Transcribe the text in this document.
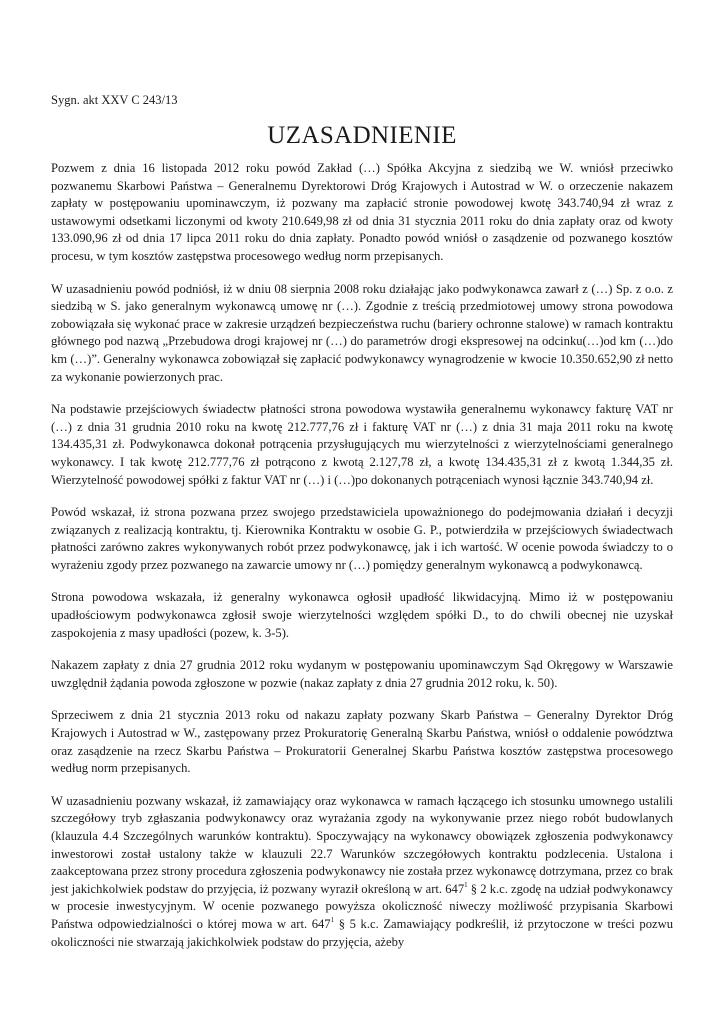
Sygn. akt XXV C 243/13

UZASADNIENIE

Pozwem z dnia 16 listopada 2012 roku powód Zakład (…) Spółka Akcyjna z siedzibą we W. wniósł przeciwko pozwanemu Skarbowi Państwa – Generalnemu Dyrektorowi Dróg Krajowych i Autostrad w W. o orzeczenie nakazem zapłaty w postępowaniu upominawczym, iż pozwany ma zapłacić stronie powodowej kwotę 343.740,94 zł wraz z ustawowymi odsetkami liczonymi od kwoty 210.649,98 zł od dnia 31 stycznia 2011 roku do dnia zapłaty oraz od kwoty 133.090,96 zł od dnia 17 lipca 2011 roku do dnia zapłaty. Ponadto powód wniósł o zasądzenie od pozwanego kosztów procesu, w tym kosztów zastępstwa procesowego według norm przepisanych.

W uzasadnieniu powód podniósł, iż w dniu 08 sierpnia 2008 roku działając jako podwykonawca zawarł z (…) Sp. z o.o. z siedzibą w S. jako generalnym wykonawcą umowę nr (…). Zgodnie z treścią przedmiotowej umowy strona powodowa zobowiązała się wykonać prace w zakresie urządzeń bezpieczeństwa ruchu (bariery ochronne stalowe) w ramach kontraktu głównego pod nazwą „Przebudowa drogi krajowej nr (…) do parametrów drogi ekspresowej na odcinku(…)od km (…)do km (…)”. Generalny wykonawca zobowiązał się zapłacić podwykonawcy wynagrodzenie w kwocie 10.350.652,90 zł netto za wykonanie powierzonych prac.

Na podstawie przejściowych świadectw płatności strona powodowa wystawiła generalnemu wykonawcy fakturę VAT nr (…) z dnia 31 grudnia 2010 roku na kwotę 212.777,76 zł i fakturę VAT nr (…) z dnia 31 maja 2011 roku na kwotę 134.435,31 zł. Podwykonawca dokonał potrącenia przysługujących mu wierzytelności z wierzytelnościami generalnego wykonawcy. I tak kwotę 212.777,76 zł potrącono z kwotą 2.127,78 zł, a kwotę 134.435,31 zł z kwotą 1.344,35 zł. Wierzytelność powodowej spółki z faktur VAT nr (…) i (…)po dokonanych potrąceniach wynosi łącznie 343.740,94 zł.

Powód wskazał, iż strona pozwana przez swojego przedstawiciela upoważnionego do podejmowania działań i decyzji związanych z realizacją kontraktu, tj. Kierownika Kontraktu w osobie G. P., potwierdziła w przejściowych świadectwach płatności zarówno zakres wykonywanych robót przez podwykonawcę, jak i ich wartość. W ocenie powoda świadczy to o wyrażeniu zgody przez pozwanego na zawarcie umowy nr (…) pomiędzy generalnym wykonawcą a podwykonawcą.

Strona powodowa wskazała, iż generalny wykonawca ogłosił upadłość likwidacyjną. Mimo iż w postępowaniu upadłościowym podwykonawca zgłosił swoje wierzytelności względem spółki D., to do chwili obecnej nie uzyskał zaspokojenia z masy upadłości (pozew, k. 3-5).

Nakazem zapłaty z dnia 27 grudnia 2012 roku wydanym w postępowaniu upominawczym Sąd Okręgowy w Warszawie uwzględnił żądania powoda zgłoszone w pozwie (nakaz zapłaty z dnia 27 grudnia 2012 roku, k. 50).

Sprzeciwem z dnia 21 stycznia 2013 roku od nakazu zapłaty pozwany Skarb Państwa – Generalny Dyrektor Dróg Krajowych i Autostrad w W., zastępowany przez Prokuratorię Generalną Skarbu Państwa, wniósł o oddalenie powództwa oraz zasądzenie na rzecz Skarbu Państwa – Prokuratorii Generalnej Skarbu Państwa kosztów zastępstwa procesowego według norm przepisanych.

W uzasadnieniu pozwany wskazał, iż zamawiający oraz wykonawca w ramach łączącego ich stosunku umownego ustalili szczegółowy tryb zgłaszania podwykonawcy oraz wyrażania zgody na wykonywanie przez niego robót budowlanych (klauzula 4.4 Szczególnych warunków kontraktu). Spoczywający na wykonawcy obowiązek zgłoszenia podwykonawcy inwestorowi został ustalony także w klauzuli 22.7 Warunków szczegółowych kontraktu podzlecenia. Ustalona i zaakceptowana przez strony procedura zgłoszenia podwykonawcy nie została przez wykonawcę dotrzymana, przez co brak jest jakichkolwiek podstaw do przyjęcia, iż pozwany wyraził określoną w art. $647^1$ § 2 k.c. zgodę na udział podwykonawcy w procesie inwestycyjnym. W ocenie pozwanego powyższa okoliczność niweczy możliwość przypisania Skarbowi Państwa odpowiedzialności o której mowa w art. $647^1$ § 5 k.c. Zamawiający podkreślił, iż przytoczone w treści pozwu okoliczności nie stwarzają jakichkolwiek podstaw do przyjęcia, ażeby
